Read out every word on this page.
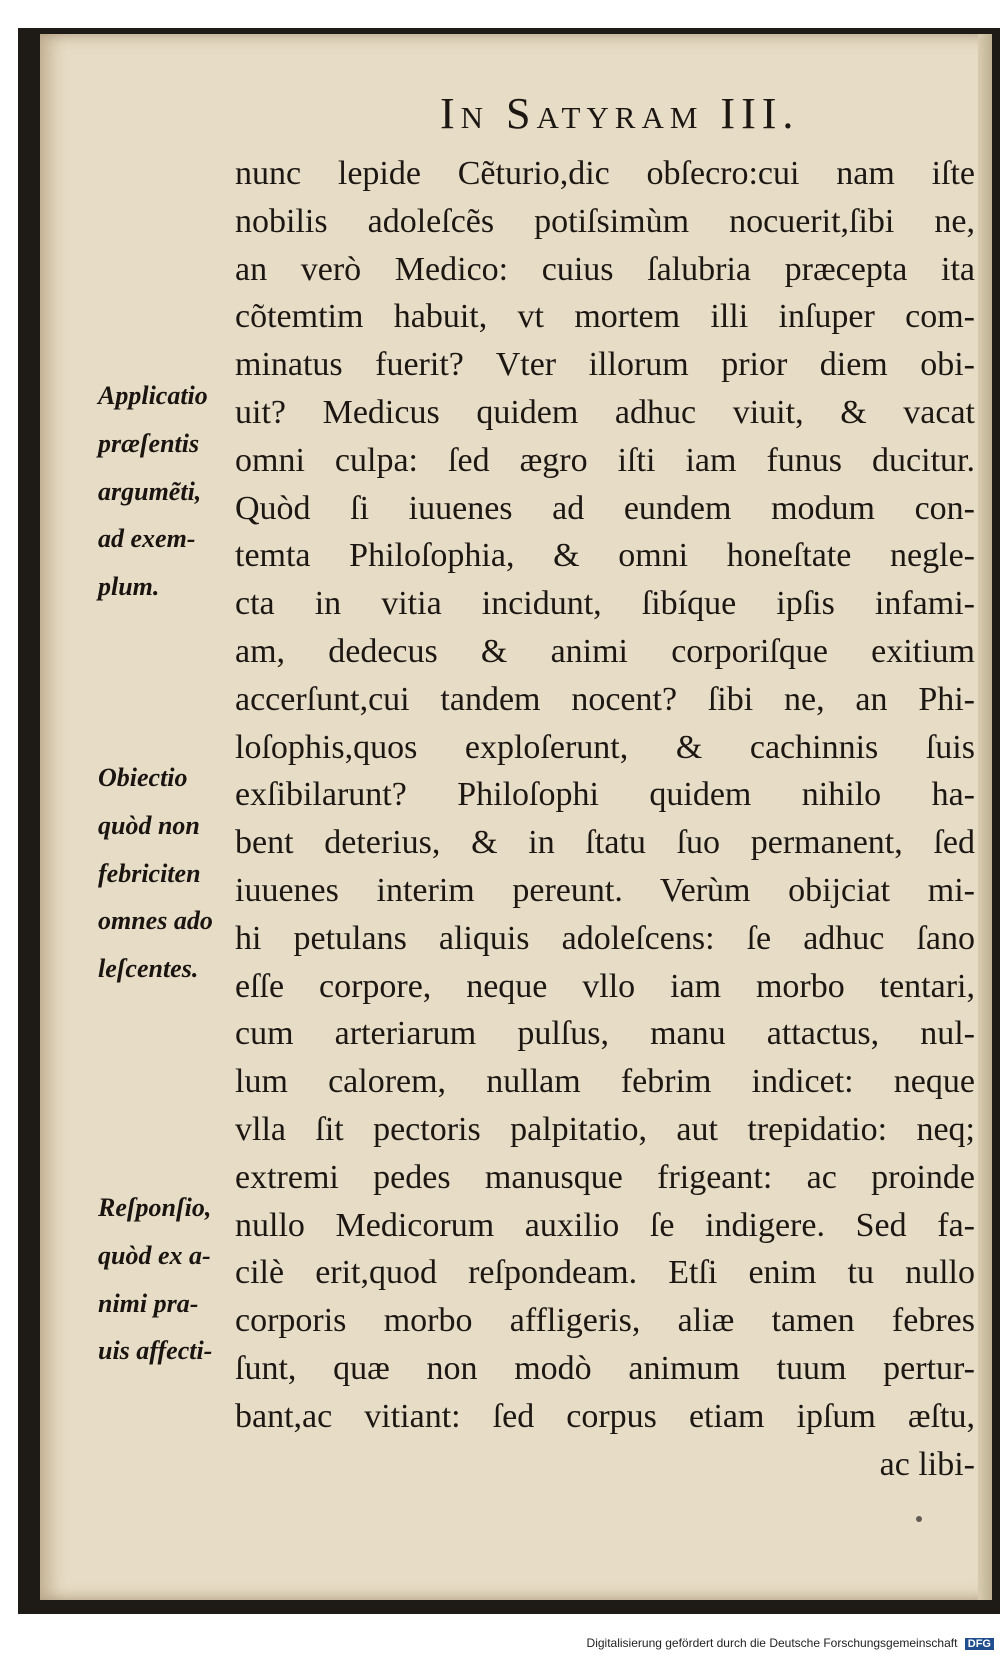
In Satyram III.
nunc lepide Cẽturio,dic obſecro:cui nam iſte
nobilis adoleſcẽs potiſsimùm nocuerit,ſibi ne,
an verò Medico: cuius ſalubria præcepta ita
cõtemtim habuit, vt mortem illi inſuper com-
minatus fuerit? Vter illorum prior diem obi-
uit? Medicus quidem adhuc viuit, & vacat
omni culpa: ſed ægro iſti iam funus ducitur.
Quòd ſi iuuenes ad eundem modum con-
temta Philoſophia, & omni honeſtate negle-
cta in vitia incidunt, ſibíque ipſis infami-
am, dedecus & animi corporiſque exitium
accerſunt,cui tandem nocent? ſibi ne, an Phi-
loſophis,quos exploſerunt, & cachinnis ſuis
exſibilarunt? Philoſophi quidem nihilo ha-
bent deterius, & in ſtatu ſuo permanent, ſed
iuuenes interim pereunt. Verùm obijciat mi-
hi petulans aliquis adoleſcens: ſe adhuc ſano
eſſe corpore, neque vllo iam morbo tentari,
cum arteriarum pulſus, manu attactus, nul-
lum calorem, nullam febrim indicet: neque
vlla ſit pectoris palpitatio, aut trepidatio: neq;
extremi pedes manusque frigeant: ac proinde
nullo Medicorum auxilio ſe indigere. Sed fa-
cilè erit,quod reſpondeam. Etſi enim tu nullo
corporis morbo affligeris, aliæ tamen febres
ſunt, quæ non modò animum tuum pertur-
bant,ac vitiant: ſed corpus etiam ipſum æſtu,
ac libi-
Applicatio
præſentis
argumẽti,
ad exem-
plum.
Obiectio
quòd non
febriciten
omnes ado
leſcentes.
Reſponſio,
quòd ex a-
nimi pra-
uis affecti-
Digitalisierung gefördert durch die Deutsche Forschungsgemeinschaft DFG
